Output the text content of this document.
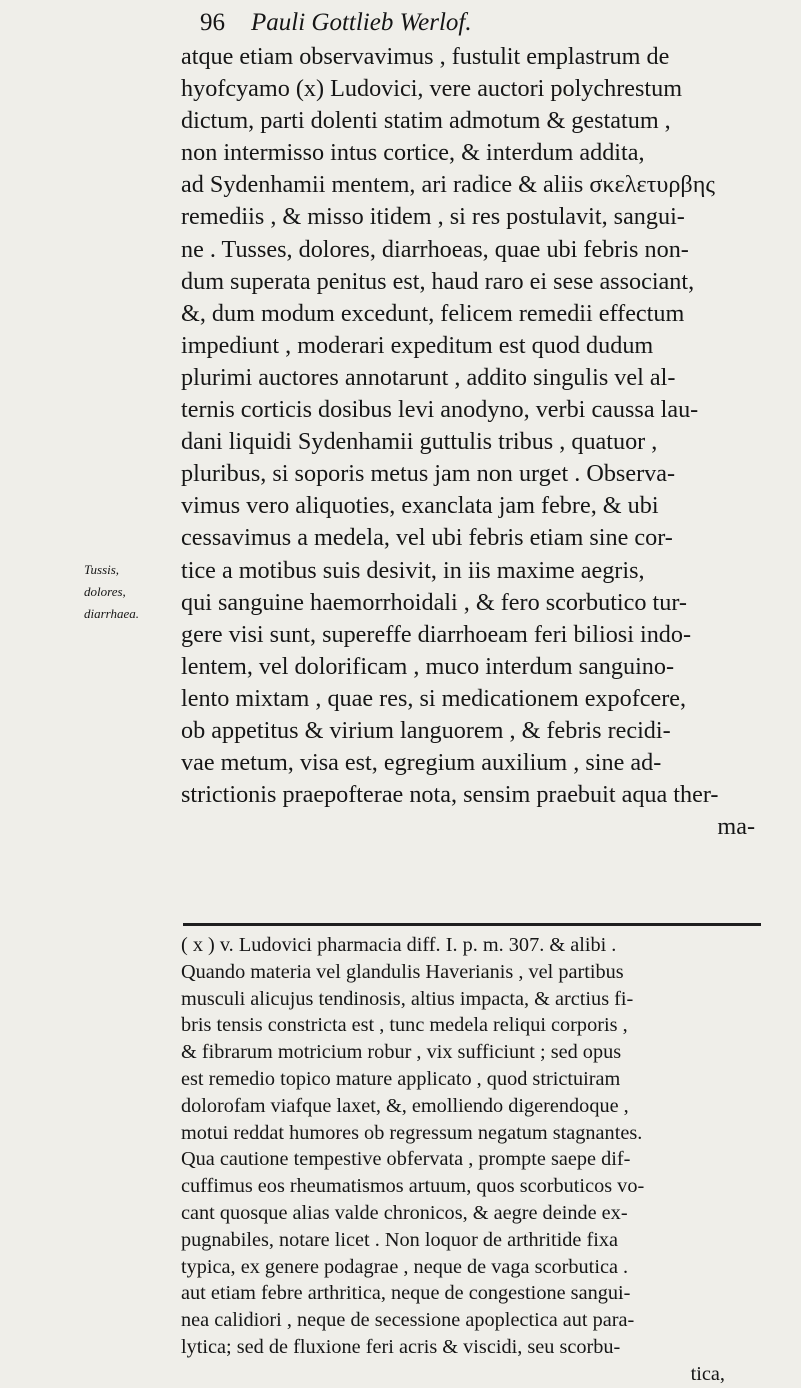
96 Pauli Gottlieb Werlof.
Tussis,
dolores,
diarrhaea.
atque etiam observavimus , fustulit emplastrum de
hyofcyamo (x) Ludovici, vere auctori polychrestum
dictum, parti dolenti statim admotum & gestatum ,
non intermisso intus cortice, & interdum addita,
ad Sydenhamii mentem, ari radice & aliis σκελετυρβης
remediis , & misso itidem , si res postulavit, sangui-
ne . Tusses, dolores, diarrhoeas, quae ubi febris non-
dum superata penitus est, haud raro ei sese associant,
&, dum modum excedunt, felicem remedii effectum
impediunt , moderari expeditum est quod dudum
plurimi auctores annotarunt , addito singulis vel al-
ternis corticis dosibus levi anodyno, verbi caussa lau-
dani liquidi Sydenhamii guttulis tribus , quatuor ,
pluribus, si soporis metus jam non urget . Observa-
vimus vero aliquoties, exanclata jam febre, & ubi
cessavimus a medela, vel ubi febris etiam sine cor-
tice a motibus suis desivit, in iis maxime aegris,
qui sanguine haemorrhoidali , & fero scorbutico tur-
gere visi sunt, supereffe diarrhoeam feri biliosi indo-
lentem, vel dolorificam , muco interdum sanguino-
lento mixtam , quae res, si medicationem expofcere,
ob appetitus & virium languorem , & febris recidi-
vae metum, visa est, egregium auxilium , sine ad-
strictionis praepofterae nota, sensim praebuit aqua ther-
ma-
( x ) v. Ludovici pharmacia diff. I. p. m. 307. & alibi .
Quando materia vel glandulis Haverianis , vel partibus
musculi alicujus tendinosis, altius impacta, & arctius fi-
bris tensis constricta est , tunc medela reliqui corporis ,
& fibrarum motricium robur , vix sufficiunt ; sed opus
est remedio topico mature applicato , quod strictuiram
dolorofam viafque laxet, &, emolliendo digerendoque ,
motui reddat humores ob regressum negatum stagnantes.
Qua cautione tempestive obfervata , prompte saepe dif-
cuffimus eos rheumatismos artuum, quos scorbuticos vo-
cant quosque alias valde chronicos, & aegre deinde ex-
pugnabiles, notare licet . Non loquor de arthritide fixa
typica, ex genere podagrae , neque de vaga scorbutica .
aut etiam febre arthritica, neque de congestione sangui-
nea calidiori , neque de secessione apoplectica aut para-
lytica; sed de fluxione feri acris & viscidi, seu scorbu-
tica,
